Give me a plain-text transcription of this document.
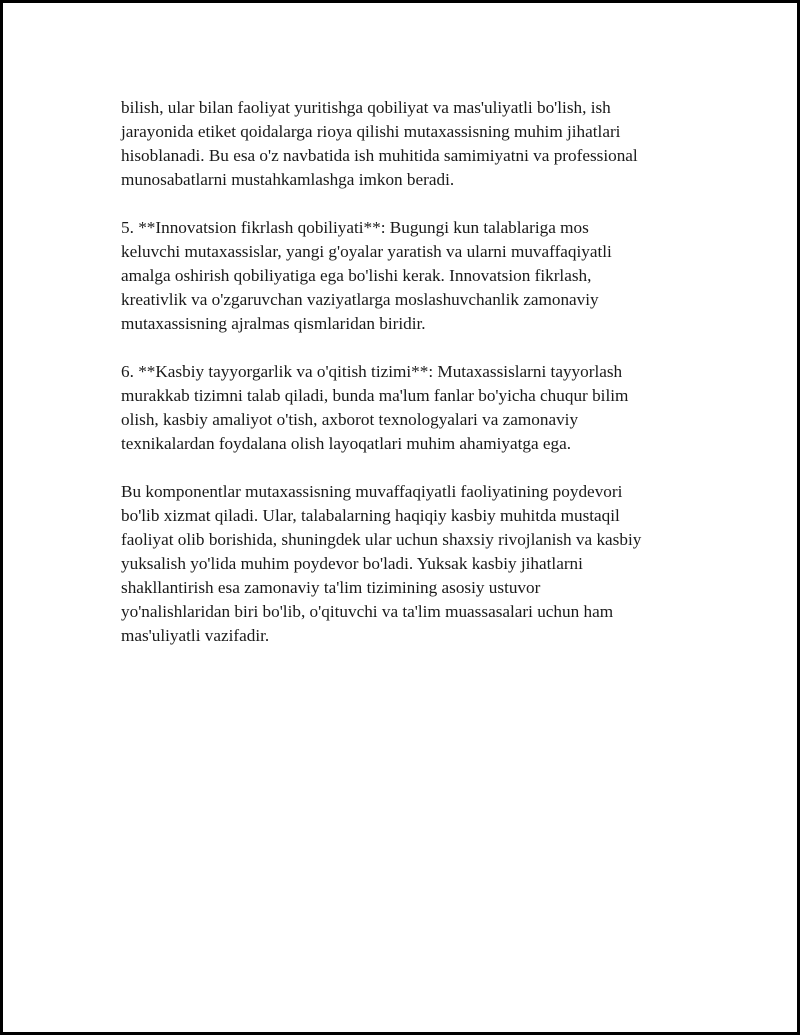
bilish, ular bilan faoliyat yuritishga qobiliyat va mas'uliyatli bo'lish, ish
jarayonida etiket qoidalarga rioya qilishi mutaxassisning muhim jihatlari
hisoblanadi. Bu esa o'z navbatida ish muhitida samimiyatni va professional
munosabatlarni mustahkamlashga imkon beradi.

5. **Innovatsion fikrlash qobiliyati**: Bugungi kun talablariga mos
keluvchi mutaxassislar, yangi g'oyalar yaratish va ularni muvaffaqiyatli
amalga oshirish qobiliyatiga ega bo'lishi kerak. Innovatsion fikrlash,
kreativlik va o'zgaruvchan vaziyatlarga moslashuvchanlik zamonaviy
mutaxassisning ajralmas qismlaridan biridir.

6. **Kasbiy tayyorgarlik va o'qitish tizimi**: Mutaxassislarni tayyorlash
murakkab tizimni talab qiladi, bunda ma'lum fanlar bo'yicha chuqur bilim
olish, kasbiy amaliyot o'tish, axborot texnologyalari va zamonaviy
texnikalardan foydalana olish layoqatlari muhim ahamiyatga ega.

Bu komponentlar mutaxassisning muvaffaqiyatli faoliyatining poydevori
bo'lib xizmat qiladi. Ular, talabalarning haqiqiy kasbiy muhitda mustaqil
faoliyat olib borishida, shuningdek ular uchun shaxsiy rivojlanish va kasbiy
yuksalish yo'lida muhim poydevor bo'ladi. Yuksak kasbiy jihatlarni
shakllantirish esa zamonaviy ta'lim tizimining asosiy ustuvor
yo'nalishlaridan biri bo'lib, o'qituvchi va ta'lim muassasalari uchun ham
mas'uliyatli vazifadir.
